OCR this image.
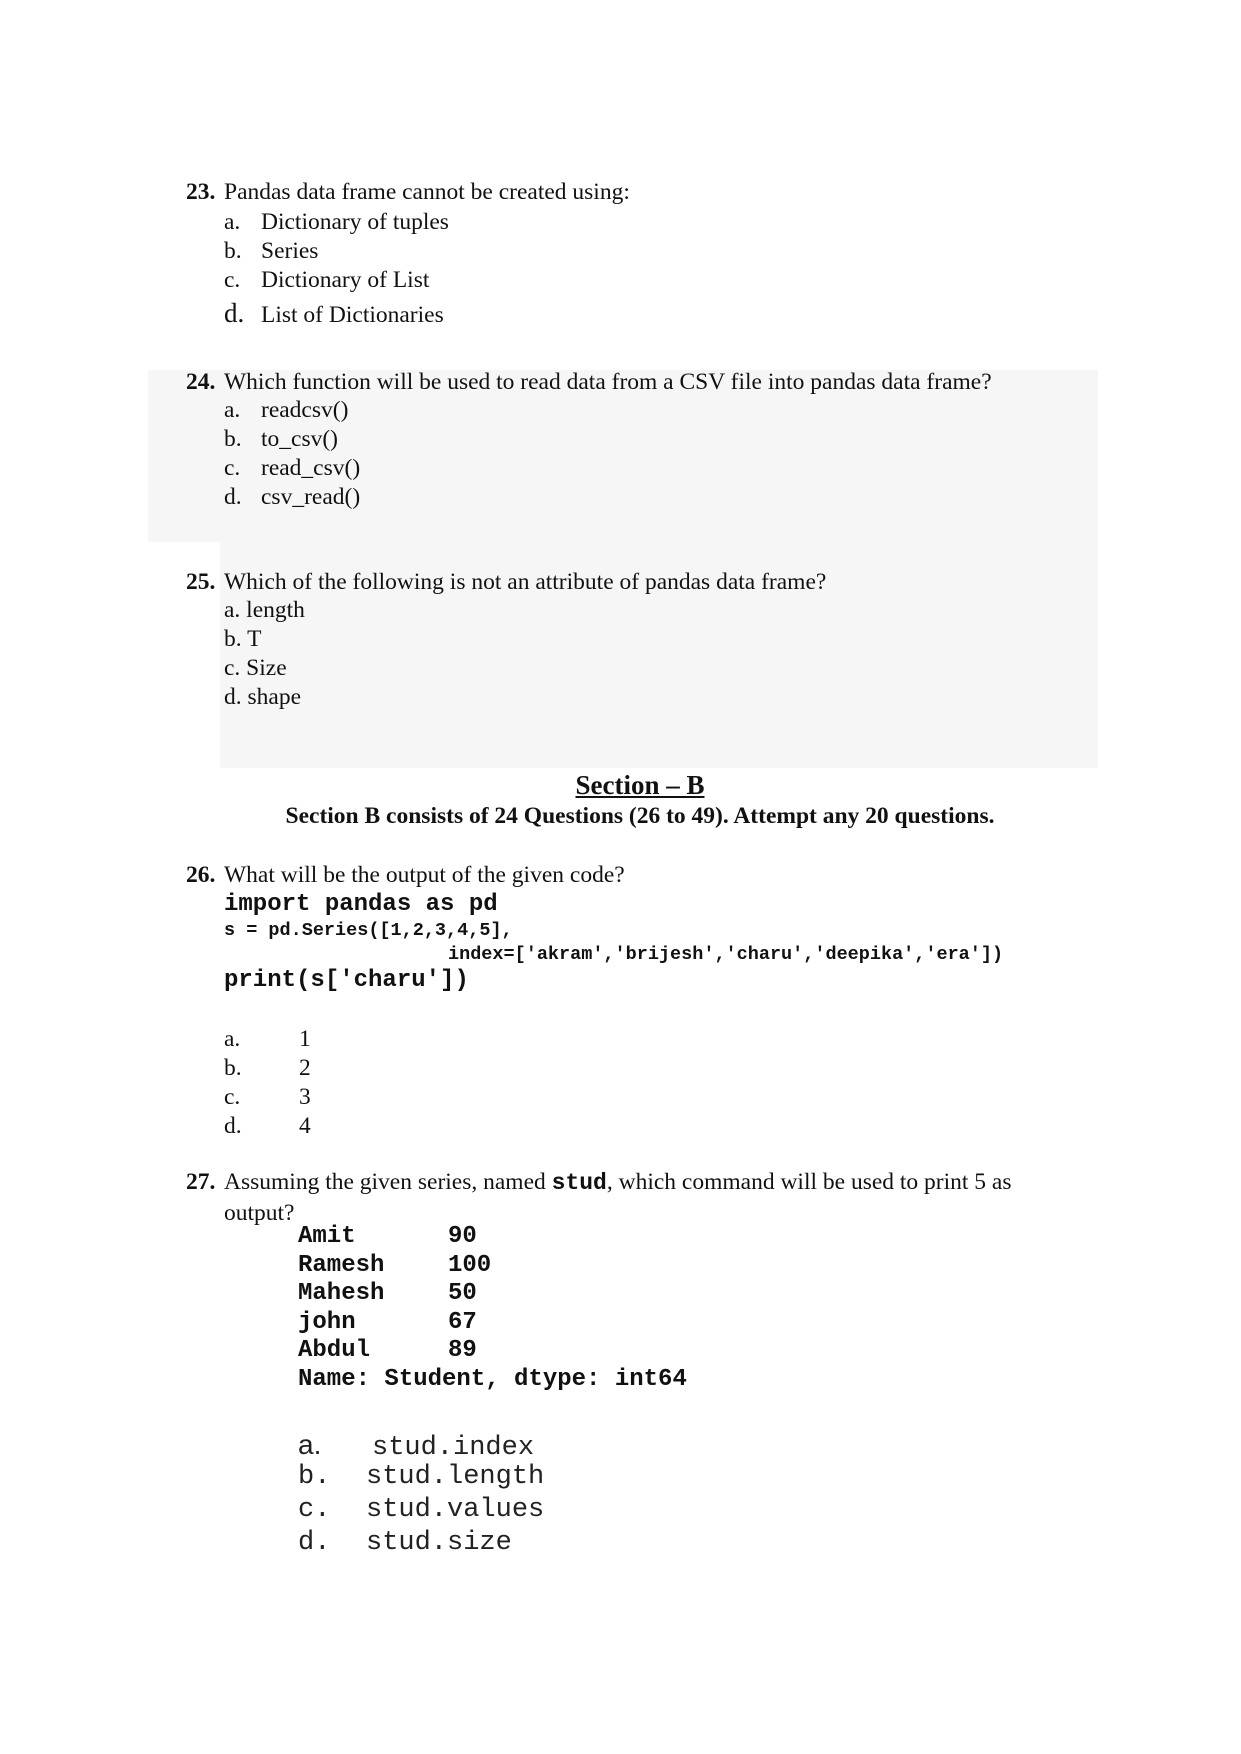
23. Pandas data frame cannot be created using:
a. Dictionary of tuples
b. Series
c. Dictionary of List
d. List of Dictionaries
24. Which function will be used to read data from a CSV file into pandas data frame?
a. readcsv()
b. to_csv()
c. read_csv()
d. csv_read()
25. Which of the following is not an attribute of pandas data frame?
a. length
b. T
c. Size
d. shape
Section – B
Section B consists of 24 Questions (26 to 49). Attempt any 20 questions.
26. What will be the output of the given code?
import pandas as pd
s = pd.Series([1,2,3,4,5],
index=['akram','brijesh','charu','deepika','era'])
print(s['charu'])
a. 1
b. 2
c. 3
d. 4
27. Assuming the given series, named stud, which command will be used to print 5 as
output?
Amit	90
Ramesh	100
Mahesh	50
john	67
Abdul	89
Name: Student, dtype: int64
a. stud.index
b. stud.length
c. stud.values
d. stud.size
